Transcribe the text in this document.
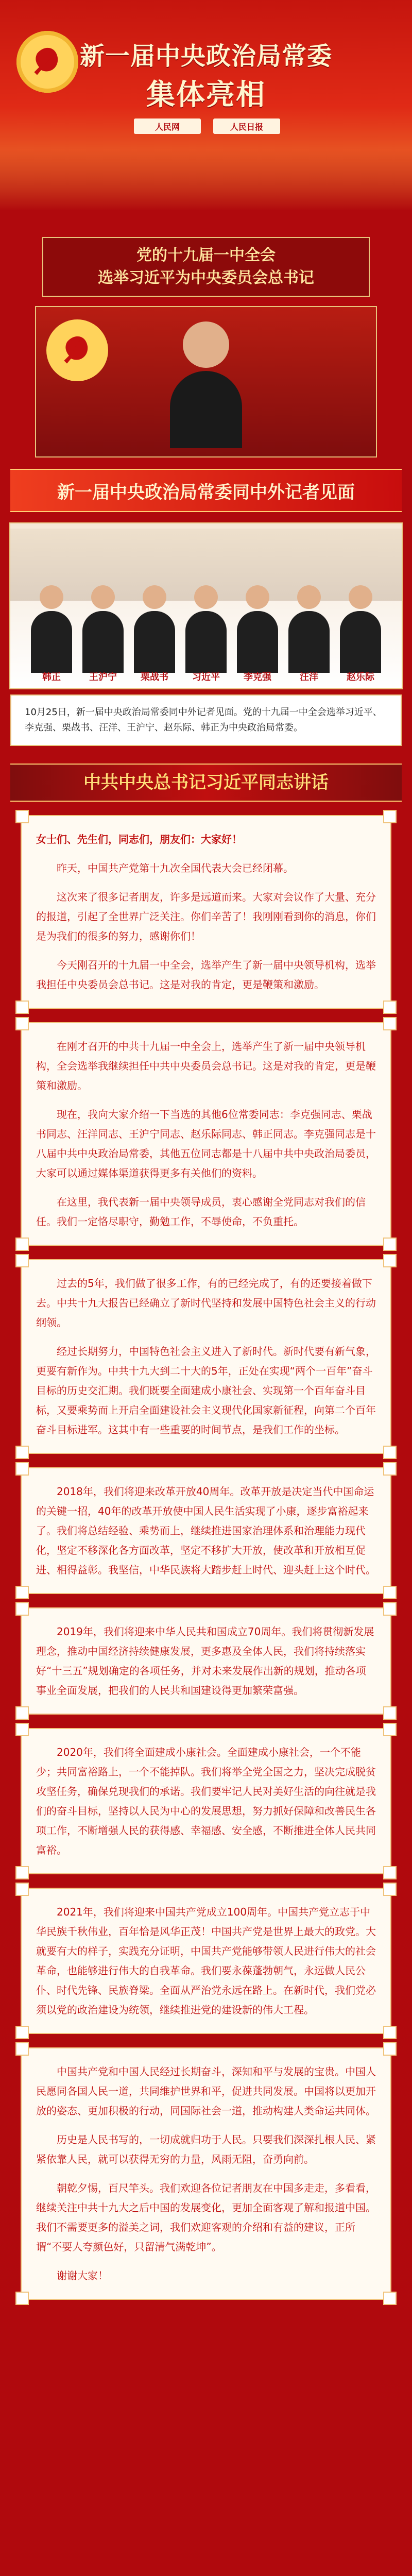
新一届中央政治局常委
集体亮相
人民网	人民日报
党的十九届一中全会
选举习近平为中央委员会总书记
新一届中央政治局常委同中外记者见面
韩正	王沪宁	栗战书	习近平	李克强	汪洋	赵乐际
10月25日，新一届中央政治局常委同中外记者见面。党的十九届一中全会选举习近平、李克强、栗战书、汪洋、王沪宁、赵乐际、韩正为中央政治局常委。
中共中央总书记习近平同志讲话

女士们、先生们，同志们，朋友们：大家好！

昨天，中国共产党第十九次全国代表大会已经闭幕。

这次来了很多记者朋友，许多是远道而来。大家对会议作了大量、充分的报道，引起了全世界广泛关注。你们辛苦了！我刚刚看到你的消息，你们是为我们的很多的努力，感谢你们！

今天刚召开的十九届一中全会，选举产生了新一届中央领导机构，选举我担任中央委员会总书记。这是对我的肯定，更是鞭策和激励。

在刚才召开的中共十九届一中全会上，选举产生了新一届中央领导机构，全会选举我继续担任中共中央委员会总书记。这是对我的肯定，更是鞭策和激励。

现在，我向大家介绍一下当选的其他6位常委同志：李克强同志、栗战书同志、汪洋同志、王沪宁同志、赵乐际同志、韩正同志。李克强同志是十八届中共中央政治局常委，其他五位同志都是十八届中共中央政治局委员，大家可以通过媒体渠道获得更多有关他们的资料。

在这里，我代表新一届中央领导成员，衷心感谢全党同志对我们的信任。我们一定恪尽职守，勤勉工作，不辱使命，不负重托。

过去的5年，我们做了很多工作，有的已经完成了，有的还要接着做下去。中共十九大报告已经确立了新时代坚持和发展中国特色社会主义的行动纲领。

经过长期努力，中国特色社会主义进入了新时代。新时代要有新气象，更要有新作为。中共十九大到二十大的5年，正处在实现“两个一百年”奋斗目标的历史交汇期。我们既要全面建成小康社会、实现第一个百年奋斗目标，又要乘势而上开启全面建设社会主义现代化国家新征程，向第二个百年奋斗目标进军。这其中有一些重要的时间节点，是我们工作的坐标。

2018年，我们将迎来改革开放40周年。改革开放是决定当代中国命运的关键一招，40年的改革开放使中国人民生活实现了小康，逐步富裕起来了。我们将总结经验、乘势而上，继续推进国家治理体系和治理能力现代化，坚定不移深化各方面改革，坚定不移扩大开放，使改革和开放相互促进、相得益彰。我坚信，中华民族将大踏步赶上时代、迎头赶上这个时代。

2019年，我们将迎来中华人民共和国成立70周年。我们将贯彻新发展理念，推动中国经济持续健康发展，更多惠及全体人民，我们将持续落实好“十三五”规划确定的各项任务，并对未来发展作出新的规划，推动各项事业全面发展，把我们的人民共和国建设得更加繁荣富强。

2020年，我们将全面建成小康社会。全面建成小康社会，一个不能少；共同富裕路上，一个不能掉队。我们将举全党全国之力，坚决完成脱贫攻坚任务，确保兑现我们的承诺。我们要牢记人民对美好生活的向往就是我们的奋斗目标，坚持以人民为中心的发展思想，努力抓好保障和改善民生各项工作，不断增强人民的获得感、幸福感、安全感，不断推进全体人民共同富裕。

2021年，我们将迎来中国共产党成立100周年。中国共产党立志于中华民族千秋伟业，百年恰是风华正茂！中国共产党是世界上最大的政党。大就要有大的样子，实践充分证明，中国共产党能够带领人民进行伟大的社会革命，也能够进行伟大的自我革命。我们要永葆蓬勃朝气，永远做人民公仆、时代先锋、民族脊梁。全面从严治党永远在路上。在新时代，我们党必须以党的政治建设为统领，继续推进党的建设新的伟大工程。

中国共产党和中国人民经过长期奋斗，深知和平与发展的宝贵。中国人民愿同各国人民一道，共同维护世界和平，促进共同发展。中国将以更加开放的姿态、更加积极的行动，同国际社会一道，推动构建人类命运共同体。

历史是人民书写的，一切成就归功于人民。只要我们深深扎根人民、紧紧依靠人民，就可以获得无穷的力量，风雨无阻，奋勇向前。

朝乾夕惕，百尺竿头。我们欢迎各位记者朋友在中国多走走，多看看，继续关注中共十九大之后中国的发展变化，更加全面客观了解和报道中国。我们不需要更多的溢美之词，我们欢迎客观的介绍和有益的建议，正所谓“不要人夸颜色好，只留清气满乾坤”。

谢谢大家！
